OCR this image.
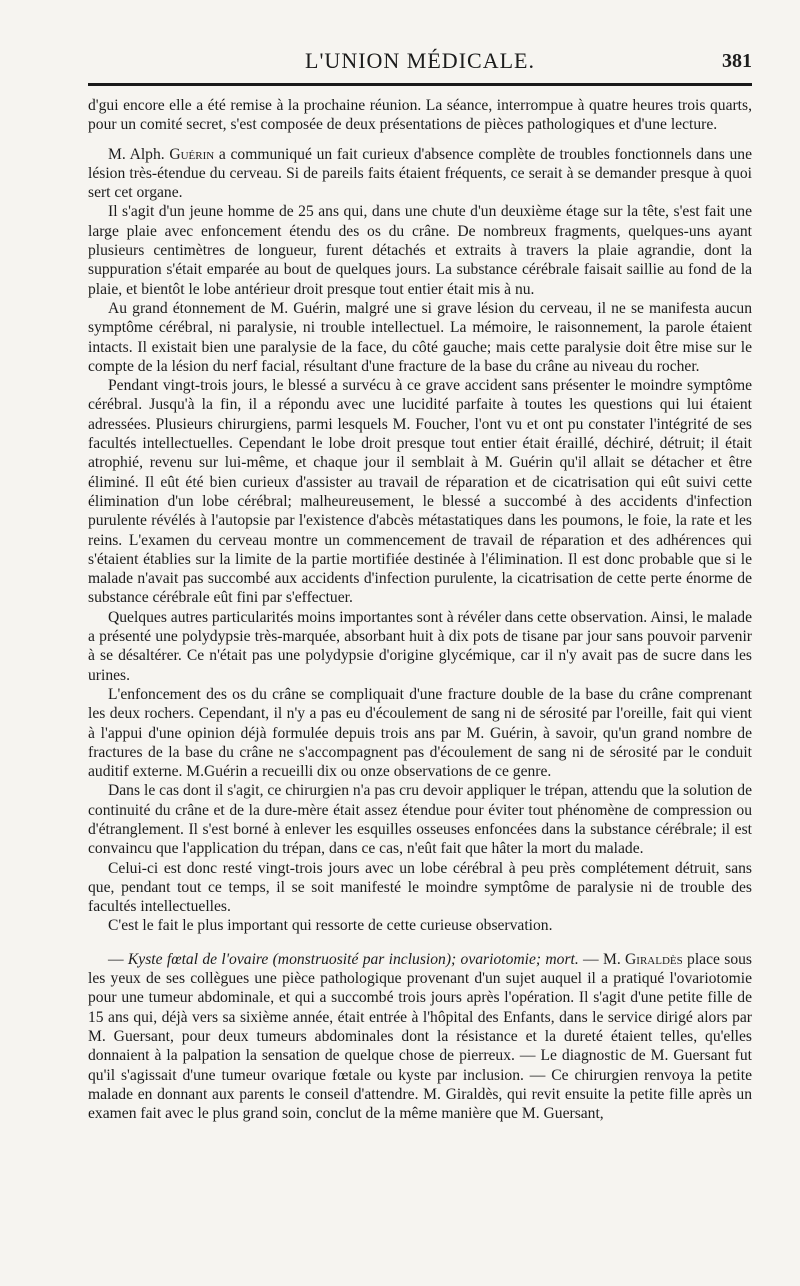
L'UNION MÉDICALE.	381

d'gui encore elle a été remise à la prochaine réunion. La séance, interrompue à quatre heures trois quarts, pour un comité secret, s'est composée de deux présentations de pièces pathologiques et d'une lecture.

M. Alph. Guérin a communiqué un fait curieux d'absence complète de troubles fonctionnels dans une lésion très-étendue du cerveau. Si de pareils faits étaient fréquents, ce serait à se demander presque à quoi sert cet organe.

Il s'agit d'un jeune homme de 25 ans qui, dans une chute d'un deuxième étage sur la tête, s'est fait une large plaie avec enfoncement étendu des os du crâne. De nombreux fragments, quelques-uns ayant plusieurs centimètres de longueur, furent détachés et extraits à travers la plaie agrandie, dont la suppuration s'était emparée au bout de quelques jours. La substance cérébrale faisait saillie au fond de la plaie, et bientôt le lobe antérieur droit presque tout entier était mis à nu.

Au grand étonnement de M. Guérin, malgré une si grave lésion du cerveau, il ne se manifesta aucun symptôme cérébral, ni paralysie, ni trouble intellectuel. La mémoire, le raisonnement, la parole étaient intacts. Il existait bien une paralysie de la face, du côté gauche; mais cette paralysie doit être mise sur le compte de la lésion du nerf facial, résultant d'une fracture de la base du crâne au niveau du rocher.

Pendant vingt-trois jours, le blessé a survécu à ce grave accident sans présenter le moindre symptôme cérébral. Jusqu'à la fin, il a répondu avec une lucidité parfaite à toutes les questions qui lui étaient adressées. Plusieurs chirurgiens, parmi lesquels M. Foucher, l'ont vu et ont pu constater l'intégrité de ses facultés intellectuelles. Cependant le lobe droit presque tout entier était éraillé, déchiré, détruit; il était atrophié, revenu sur lui-même, et chaque jour il semblait à M. Guérin qu'il allait se détacher et être éliminé. Il eût été bien curieux d'assister au travail de réparation et de cicatrisation qui eût suivi cette élimination d'un lobe cérébral; malheureusement, le blessé a succombé à des accidents d'infection purulente révélés à l'autopsie par l'existence d'abcès métastatiques dans les poumons, le foie, la rate et les reins. L'examen du cerveau montre un commencement de travail de réparation et des adhérences qui s'étaient établies sur la limite de la partie mortifiée destinée à l'élimination. Il est donc probable que si le malade n'avait pas succombé aux accidents d'infection purulente, la cicatrisation de cette perte énorme de substance cérébrale eût fini par s'effectuer.

Quelques autres particularités moins importantes sont à révéler dans cette observation. Ainsi, le malade a présenté une polydypsie très-marquée, absorbant huit à dix pots de tisane par jour sans pouvoir parvenir à se désaltérer. Ce n'était pas une polydypsie d'origine glycémique, car il n'y avait pas de sucre dans les urines.

L'enfoncement des os du crâne se compliquait d'une fracture double de la base du crâne comprenant les deux rochers. Cependant, il n'y a pas eu d'écoulement de sang ni de sérosité par l'oreille, fait qui vient à l'appui d'une opinion déjà formulée depuis trois ans par M. Guérin, à savoir, qu'un grand nombre de fractures de la base du crâne ne s'accompagnent pas d'écoulement de sang ni de sérosité par le conduit auditif externe. M.Guérin a recueilli dix ou onze observations de ce genre.

Dans le cas dont il s'agit, ce chirurgien n'a pas cru devoir appliquer le trépan, attendu que la solution de continuité du crâne et de la dure-mère était assez étendue pour éviter tout phénomène de compression ou d'étranglement. Il s'est borné à enlever les esquilles osseuses enfoncées dans la substance cérébrale; il est convaincu que l'application du trépan, dans ce cas, n'eût fait que hâter la mort du malade.

Celui-ci est donc resté vingt-trois jours avec un lobe cérébral à peu près complétement détruit, sans que, pendant tout ce temps, il se soit manifesté le moindre symptôme de paralysie ni de trouble des facultés intellectuelles.

C'est le fait le plus important qui ressorte de cette curieuse observation.

— Kyste fœtal de l'ovaire (monstruosité par inclusion); ovariotomie; mort. — M. Giraldès place sous les yeux de ses collègues une pièce pathologique provenant d'un sujet auquel il a pratiqué l'ovariotomie pour une tumeur abdominale, et qui a succombé trois jours après l'opération. Il s'agit d'une petite fille de 15 ans qui, déjà vers sa sixième année, était entrée à l'hôpital des Enfants, dans le service dirigé alors par M. Guersant, pour deux tumeurs abdominales dont la résistance et la dureté étaient telles, qu'elles donnaient à la palpation la sensation de quelque chose de pierreux. — Le diagnostic de M. Guersant fut qu'il s'agissait d'une tumeur ovarique fœtale ou kyste par inclusion. — Ce chirurgien renvoya la petite malade en donnant aux parents le conseil d'attendre. M. Giraldès, qui revit ensuite la petite fille après un examen fait avec le plus grand soin, conclut de la même manière que M. Guersant,
